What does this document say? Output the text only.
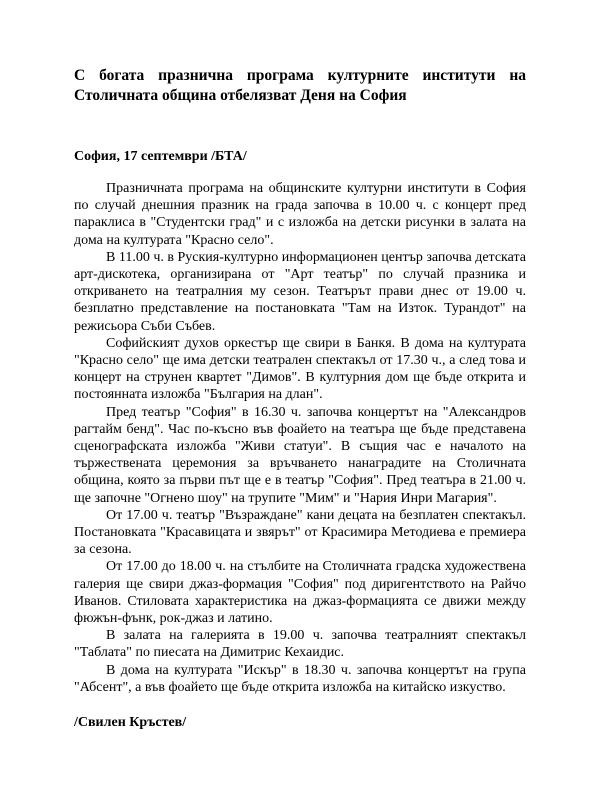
С богата празнична програма културните институти на Столичната община отбелязват Деня на София

София, 17 септември /БТА/

Празничната програма на общинските културни институти в София по случай днешния празник на града започва в 10.00 ч. с концерт пред параклиса в "Студентски град" и с изложба на детски рисунки в залата на дома на културата "Красно село".

В 11.00 ч. в Руския-културно информационен център започва детската арт-дискотека, организирана от "Арт театър" по случай празника и откриването на театралния му сезон. Театърът прави днес от 19.00 ч. безплатно представление на постановката "Там на Изток. Турандот" на режисьора Съби Събев.

Софийският духов оркестър ще свири в Банкя. В дома на културата "Красно село" ще има детски театрален спектакъл от 17.30 ч., а след това и концерт на струнен квартет "Димов". В културния дом ще бъде открита и постоянната изложба "България на длан".

Пред театър "София" в 16.30 ч. започва концертът на "Александров рагтайм бенд". Час по-късно във фоайето на театъра ще бъде представена сценографската изложба "Живи статуи". В същия час е началото на тържествената церемония за връчването нанаградите на Столичната община, която за първи път ще е в театър "София". Пред театъра в 21.00 ч. ще започне "Огнено шоу" на трупите "Мим" и "Нария Инри Магария".

От 17.00 ч. театър "Възраждане" кани децата на безплатен спектакъл. Постановката "Красавицата и звярът" от Красимира Методиева е премиера за сезона.

От 17.00 до 18.00 ч. на стълбите на Столичната градска художествена галерия ще свири джаз-формация "София" под диригентството на Райчо Иванов. Стиловата характеристика на джаз-формацията се движи между фюжън-фънк, рок-джаз и латино.

В залата на галерията в 19.00 ч. започва театралният спектакъл "Таблата" по пиесата на Димитрис Кехаидис.

В дома на културата "Искър" в 18.30 ч. започва концертът на група "Абсент", а във фоайето ще бъде открита изложба на китайско изкуство.

/Свилен Кръстев/
